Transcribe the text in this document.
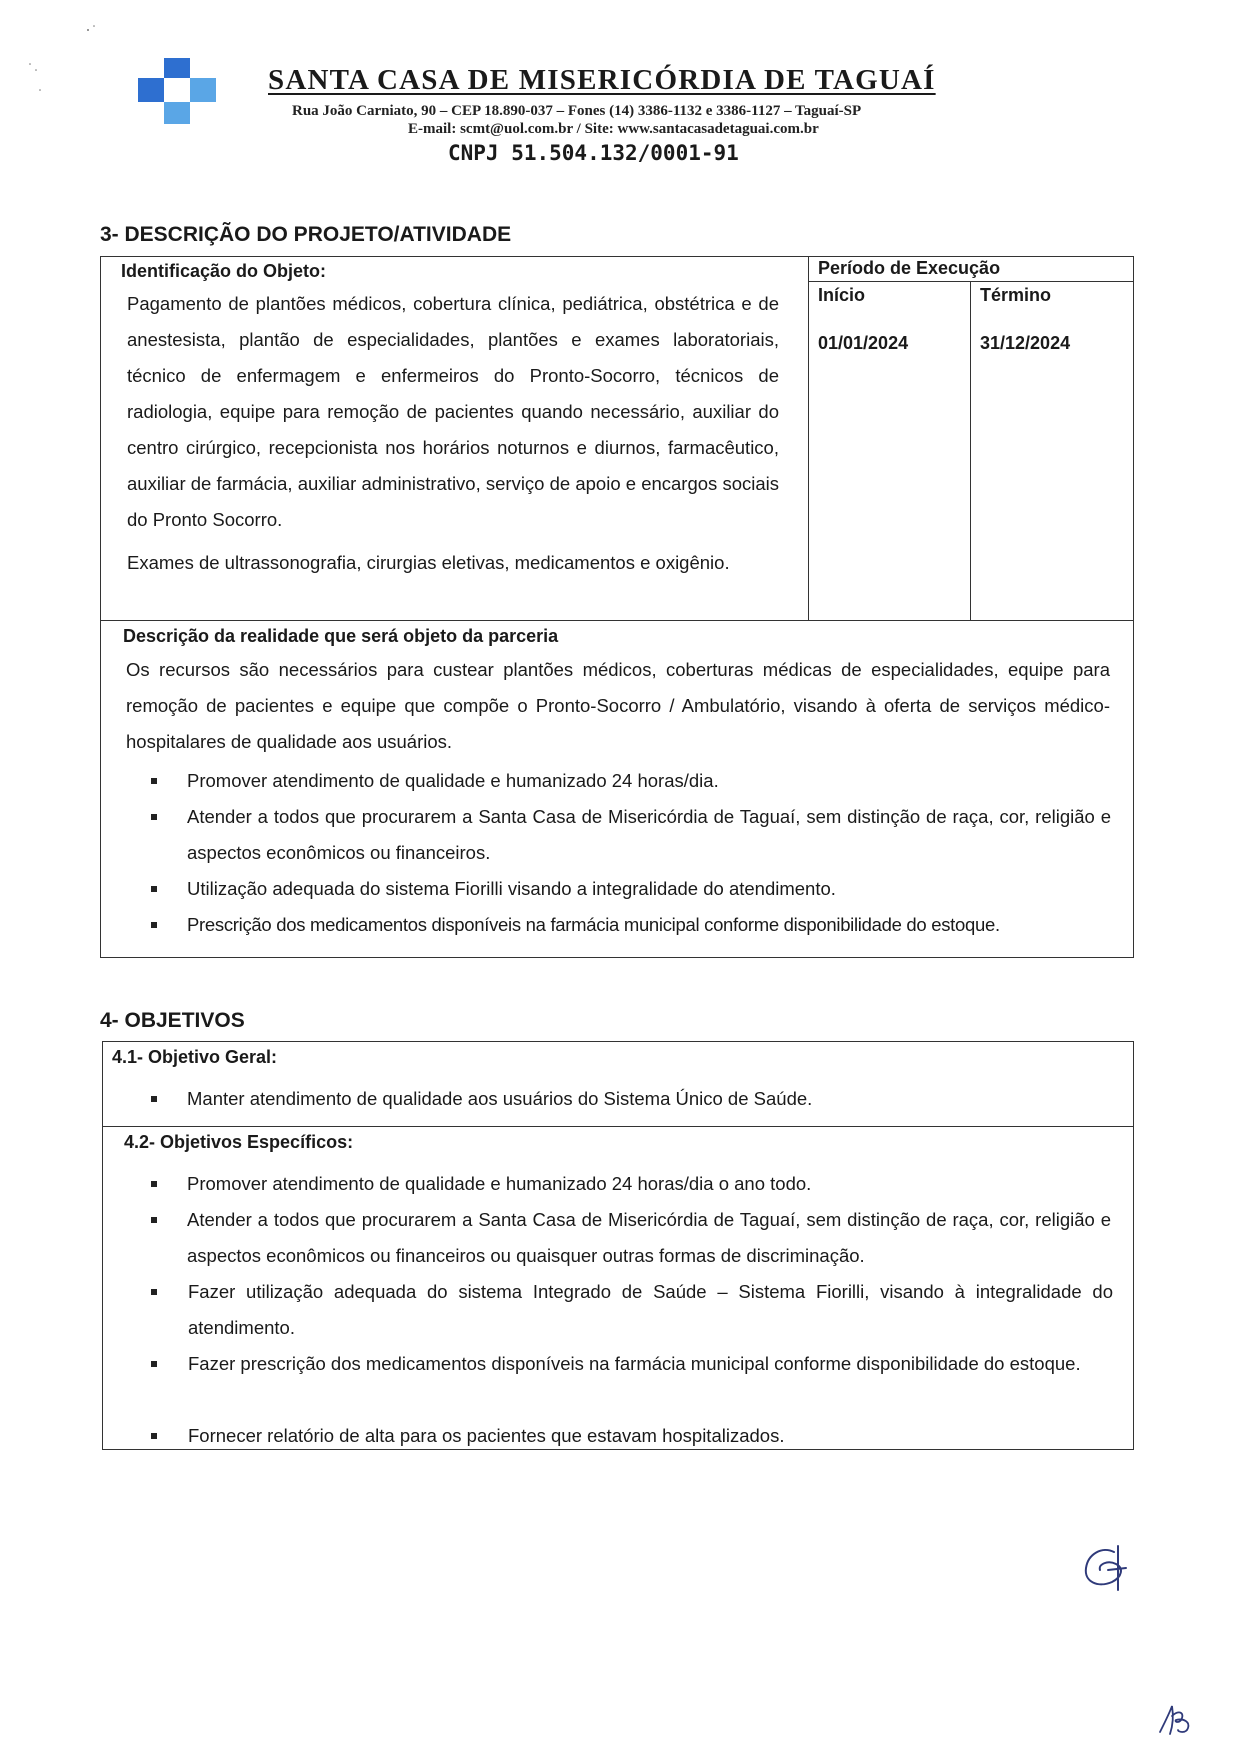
SANTA CASA DE MISERICÓRDIA DE TAGUAÍ
Rua João Carniato, 90 – CEP 18.890-037 – Fones (14) 3386-1132 e 3386-1127 – Taguaí-SP
E-mail: scmt@uol.com.br / Site: www.santacasadetaguai.com.br
CNPJ 51.504.132/0001-91
3- DESCRIÇÃO DO PROJETO/ATIVIDADE
Identificação do Objeto:
Pagamento de plantões médicos, cobertura clínica, pediátrica, obstétrica e de anestesista, plantão de especialidades, plantões e exames laboratoriais, técnico de enfermagem e enfermeiros do Pronto-Socorro, técnicos de radiologia, equipe para remoção de pacientes quando necessário, auxiliar do centro cirúrgico, recepcionista nos horários noturnos e diurnos, farmacêutico, auxiliar de farmácia, auxiliar administrativo, serviço de apoio e encargos sociais do Pronto Socorro.
Exames de ultrassonografia, cirurgias eletivas, medicamentos e oxigênio.
Período de Execução
Início	Término
01/01/2024	31/12/2024
Descrição da realidade que será objeto da parceria
Os recursos são necessários para custear plantões médicos, coberturas médicas de especialidades, equipe para remoção de pacientes e equipe que compõe o Pronto-Socorro / Ambulatório, visando à oferta de serviços médico-hospitalares de qualidade aos usuários.
Promover atendimento de qualidade e humanizado 24 horas/dia.
Atender a todos que procurarem a Santa Casa de Misericórdia de Taguaí, sem distinção de raça, cor, religião e aspectos econômicos ou financeiros.
Utilização adequada do sistema Fiorilli visando a integralidade do atendimento.
Prescrição dos medicamentos disponíveis na farmácia municipal conforme disponibilidade do estoque.
4- OBJETIVOS
4.1- Objetivo Geral:
Manter atendimento de qualidade aos usuários do Sistema Único de Saúde.
4.2- Objetivos Específicos:
Promover atendimento de qualidade e humanizado 24 horas/dia o ano todo.
Atender a todos que procurarem a Santa Casa de Misericórdia de Taguaí, sem distinção de raça, cor, religião e aspectos econômicos ou financeiros ou quaisquer outras formas de discriminação.
Fazer utilização adequada do sistema Integrado de Saúde – Sistema Fiorilli, visando à integralidade do atendimento.
Fazer prescrição dos medicamentos disponíveis na farmácia municipal conforme disponibilidade do estoque.
Fornecer relatório de alta para os pacientes que estavam hospitalizados.
